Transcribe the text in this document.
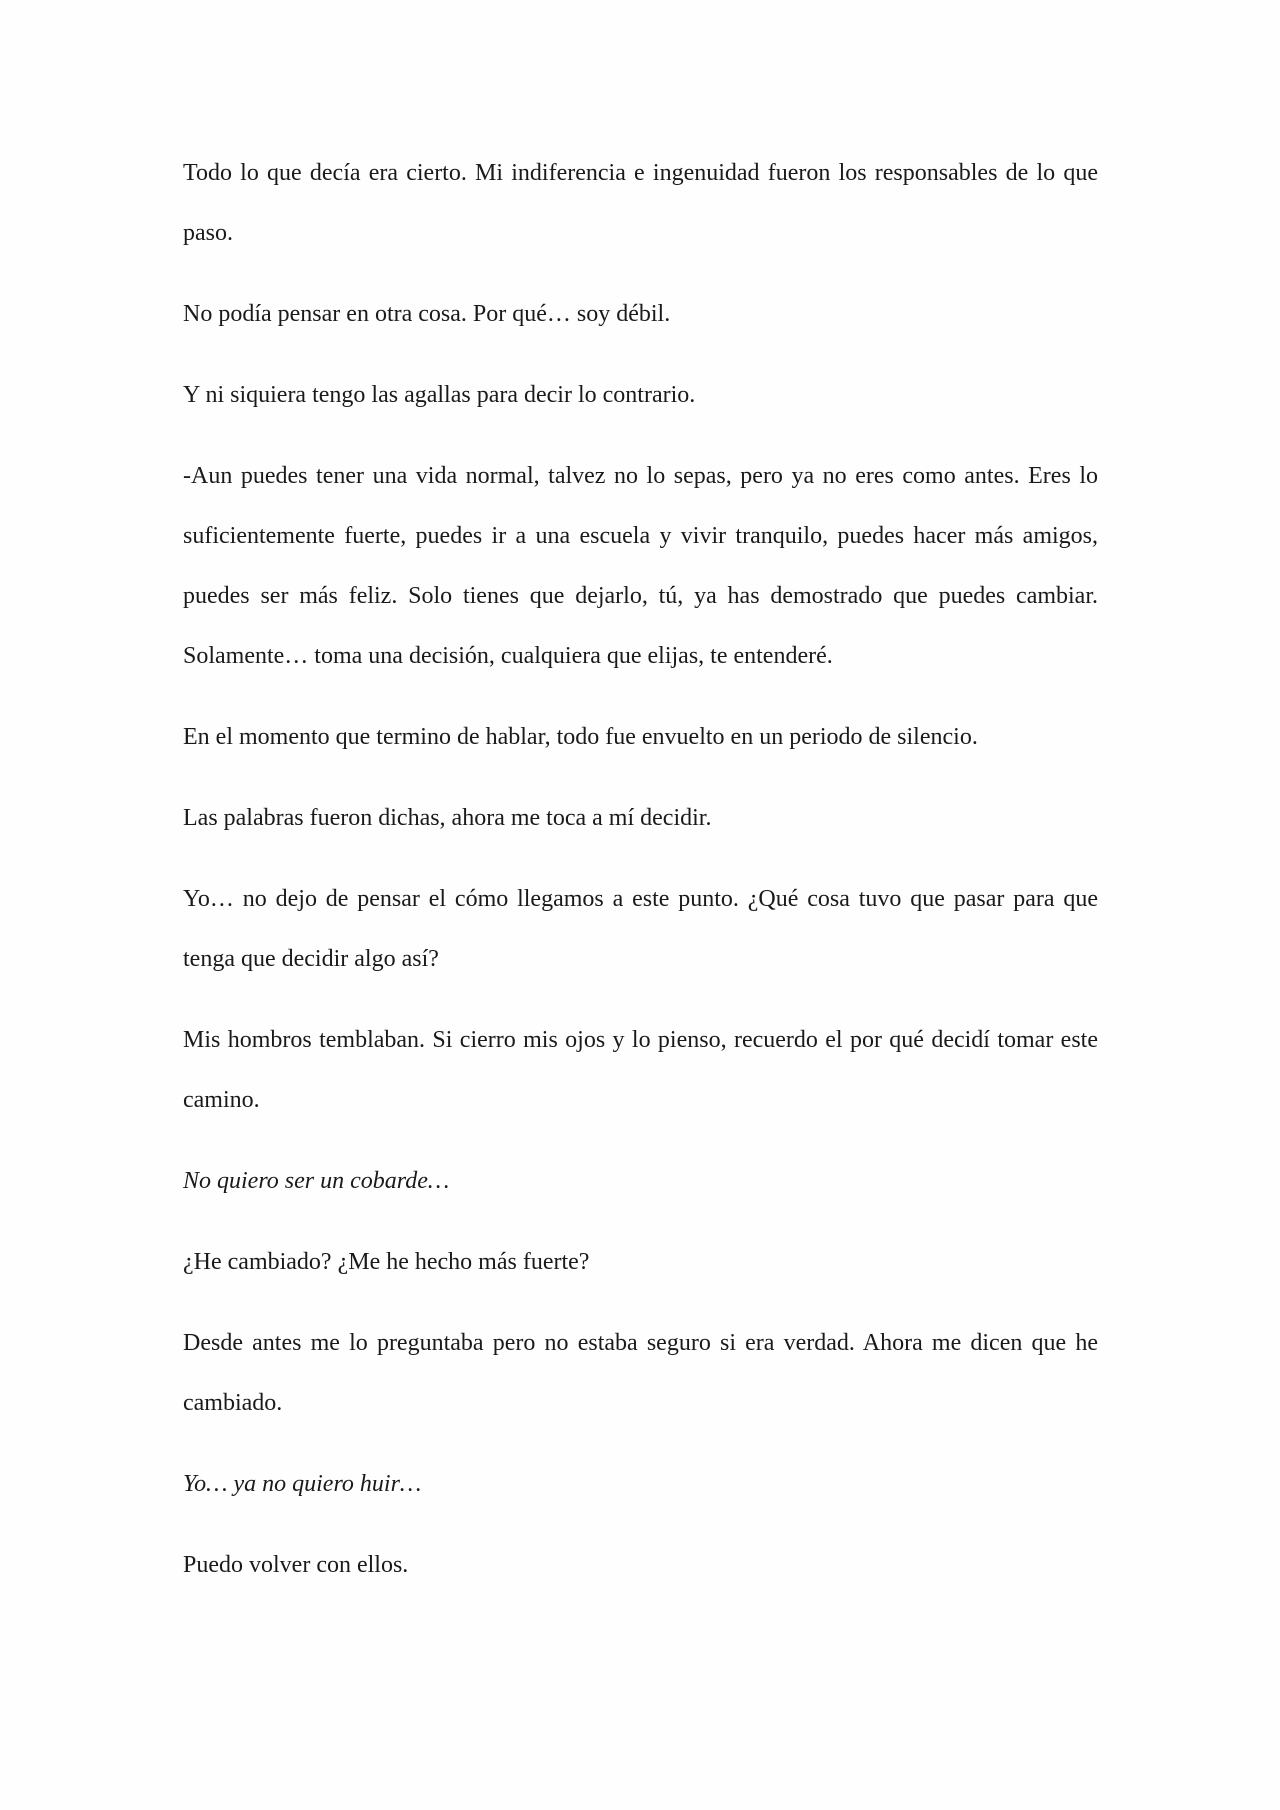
Todo lo que decía era cierto. Mi indiferencia e ingenuidad fueron los responsables de lo que paso.

No podía pensar en otra cosa. Por qué… soy débil.

Y ni siquiera tengo las agallas para decir lo contrario.

-Aun puedes tener una vida normal, talvez no lo sepas, pero ya no eres como antes. Eres lo suficientemente fuerte, puedes ir a una escuela y vivir tranquilo, puedes hacer más amigos, puedes ser más feliz. Solo tienes que dejarlo, tú, ya has demostrado que puedes cambiar. Solamente… toma una decisión, cualquiera que elijas, te entenderé.

En el momento que termino de hablar, todo fue envuelto en un periodo de silencio.

Las palabras fueron dichas, ahora me toca a mí decidir.

Yo… no dejo de pensar el cómo llegamos a este punto. ¿Qué cosa tuvo que pasar para que tenga que decidir algo así?

Mis hombros temblaban. Si cierro mis ojos y lo pienso, recuerdo el por qué decidí tomar este camino.

No quiero ser un cobarde…

¿He cambiado? ¿Me he hecho más fuerte?

Desde antes me lo preguntaba pero no estaba seguro si era verdad. Ahora me dicen que he cambiado.

Yo… ya no quiero huir…

Puedo volver con ellos.
